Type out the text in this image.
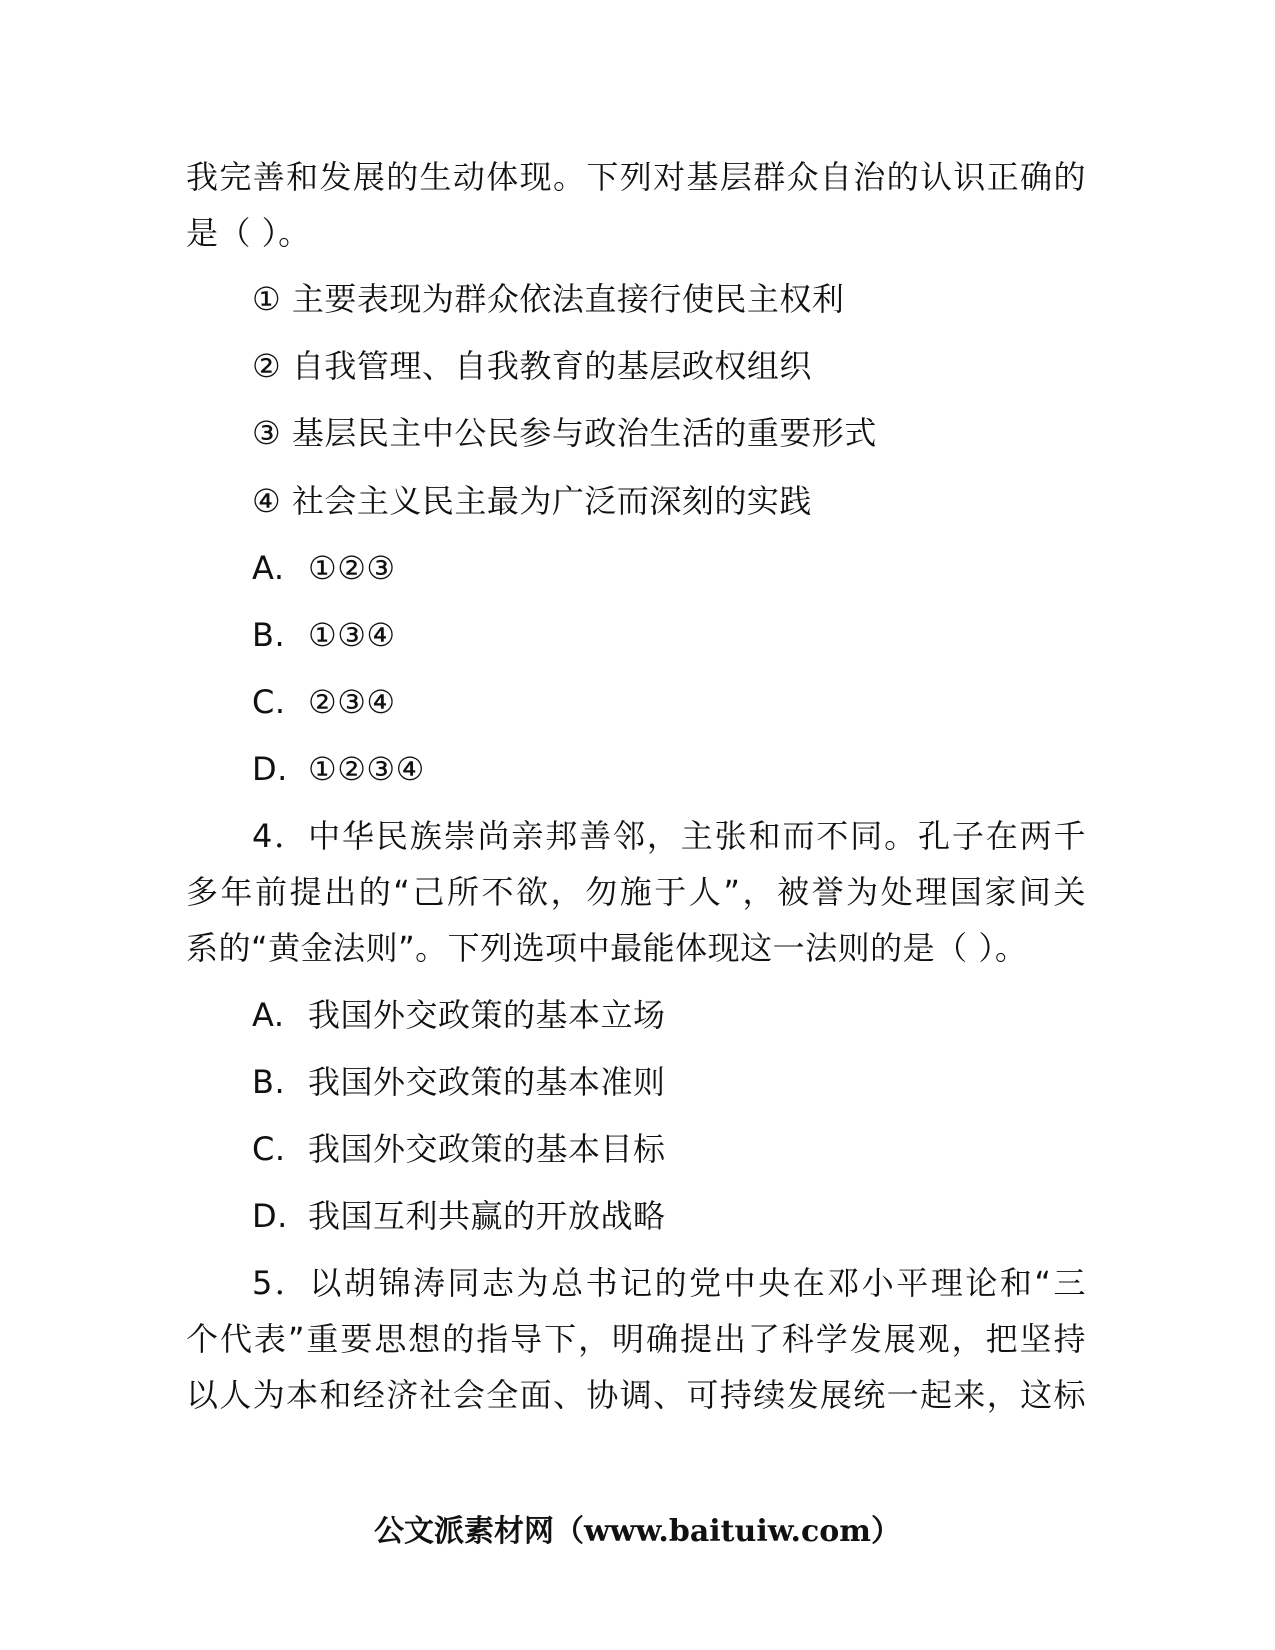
我完善和发展的生动体现。下列对基层群众自治的认识正确的
是（ ）。
① 主要表现为群众依法直接行使民主权利
② 自我管理、自我教育的基层政权组织
③ 基层民主中公民参与政治生活的重要形式
④ 社会主义民主最为广泛而深刻的实践
A. ①②③
B. ①③④
C. ②③④
D. ①②③④
4．中华民族崇尚亲邦善邻，主张和而不同。孔子在两千
多年前提出的“己所不欲，勿施于人”，被誉为处理国家间关
系的“黄金法则”。下列选项中最能体现这一法则的是（ ）。
A. 我国外交政策的基本立场
B. 我国外交政策的基本准则
C. 我国外交政策的基本目标
D. 我国互利共赢的开放战略
5．以胡锦涛同志为总书记的党中央在邓小平理论和“三
个代表”重要思想的指导下，明确提出了科学发展观，把坚持
以人为本和经济社会全面、协调、可持续发展统一起来，这标
公文派素材网（www.baituiw.com）
